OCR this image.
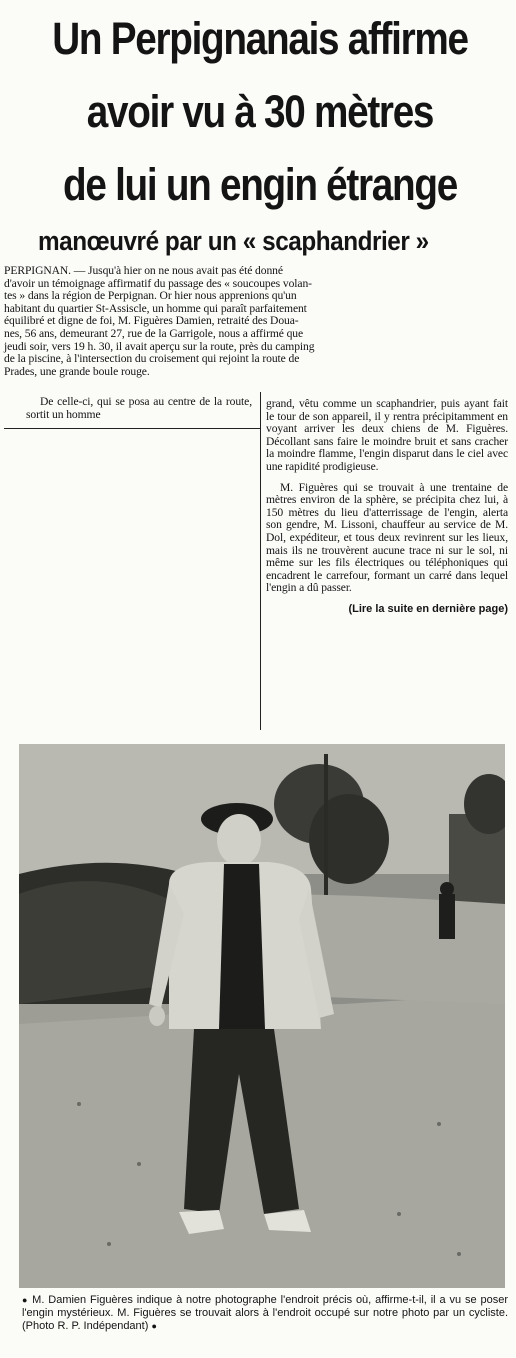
Un Perpignanais affirme
avoir vu à 30 mètres
de lui un engin étrange
manœuvré par un « scaphandrier »
PERPIGNAN. — Jusqu'à hier on ne nous avait pas été donné
d'avoir un témoignage affirmatif du passage des « soucoupes volan-
tes » dans la région de Perpignan. Or hier nous apprenions qu'un
habitant du quartier St-Assiscle, un homme qui paraît parfaitement
équilibré et digne de foi, M. Figuères Damien, retraité des Doua-
nes, 56 ans, demeurant 27, rue de la Garrigole, nous a affirmé que
jeudi soir, vers 19 h. 30, il avait aperçu sur la route, près du camping
de la piscine, à l'intersection du croisement qui rejoint la route de
Prades, une grande boule rouge.

De celle-ci, qui se posa au centre de la route, sortit un homme

grand, vêtu comme un scaphandrier, puis ayant fait le tour de son appareil, il y rentra précipitamment en voyant arriver les deux chiens de M. Figuères. Décollant sans faire le moindre bruit et sans cracher la moindre flamme, l'engin disparut dans le ciel avec une rapidité prodigieuse.

M. Figuères qui se trouvait à une trentaine de mètres environ de la sphère, se précipita chez lui, à 150 mètres du lieu d'atterrissage de l'engin, alerta son gendre, M. Lissoni, chauffeur au service de M. Dol, expéditeur, et tous deux revinrent sur les lieux, mais ils ne trouvèrent aucune trace ni sur le sol, ni même sur les fils électriques ou téléphoniques qui encadrent le carrefour, formant un carré dans lequel l'engin a dû passer.

(Lire la suite en dernière page)
● M. Damien Figuères indique à notre photographe l'endroit précis où, affirme-t-il, il a vu se poser l'engin mystérieux. M. Figuères se trouvait alors à l'endroit occupé sur notre photo par un cycliste. (Photo R. P. Indépendant) ●
